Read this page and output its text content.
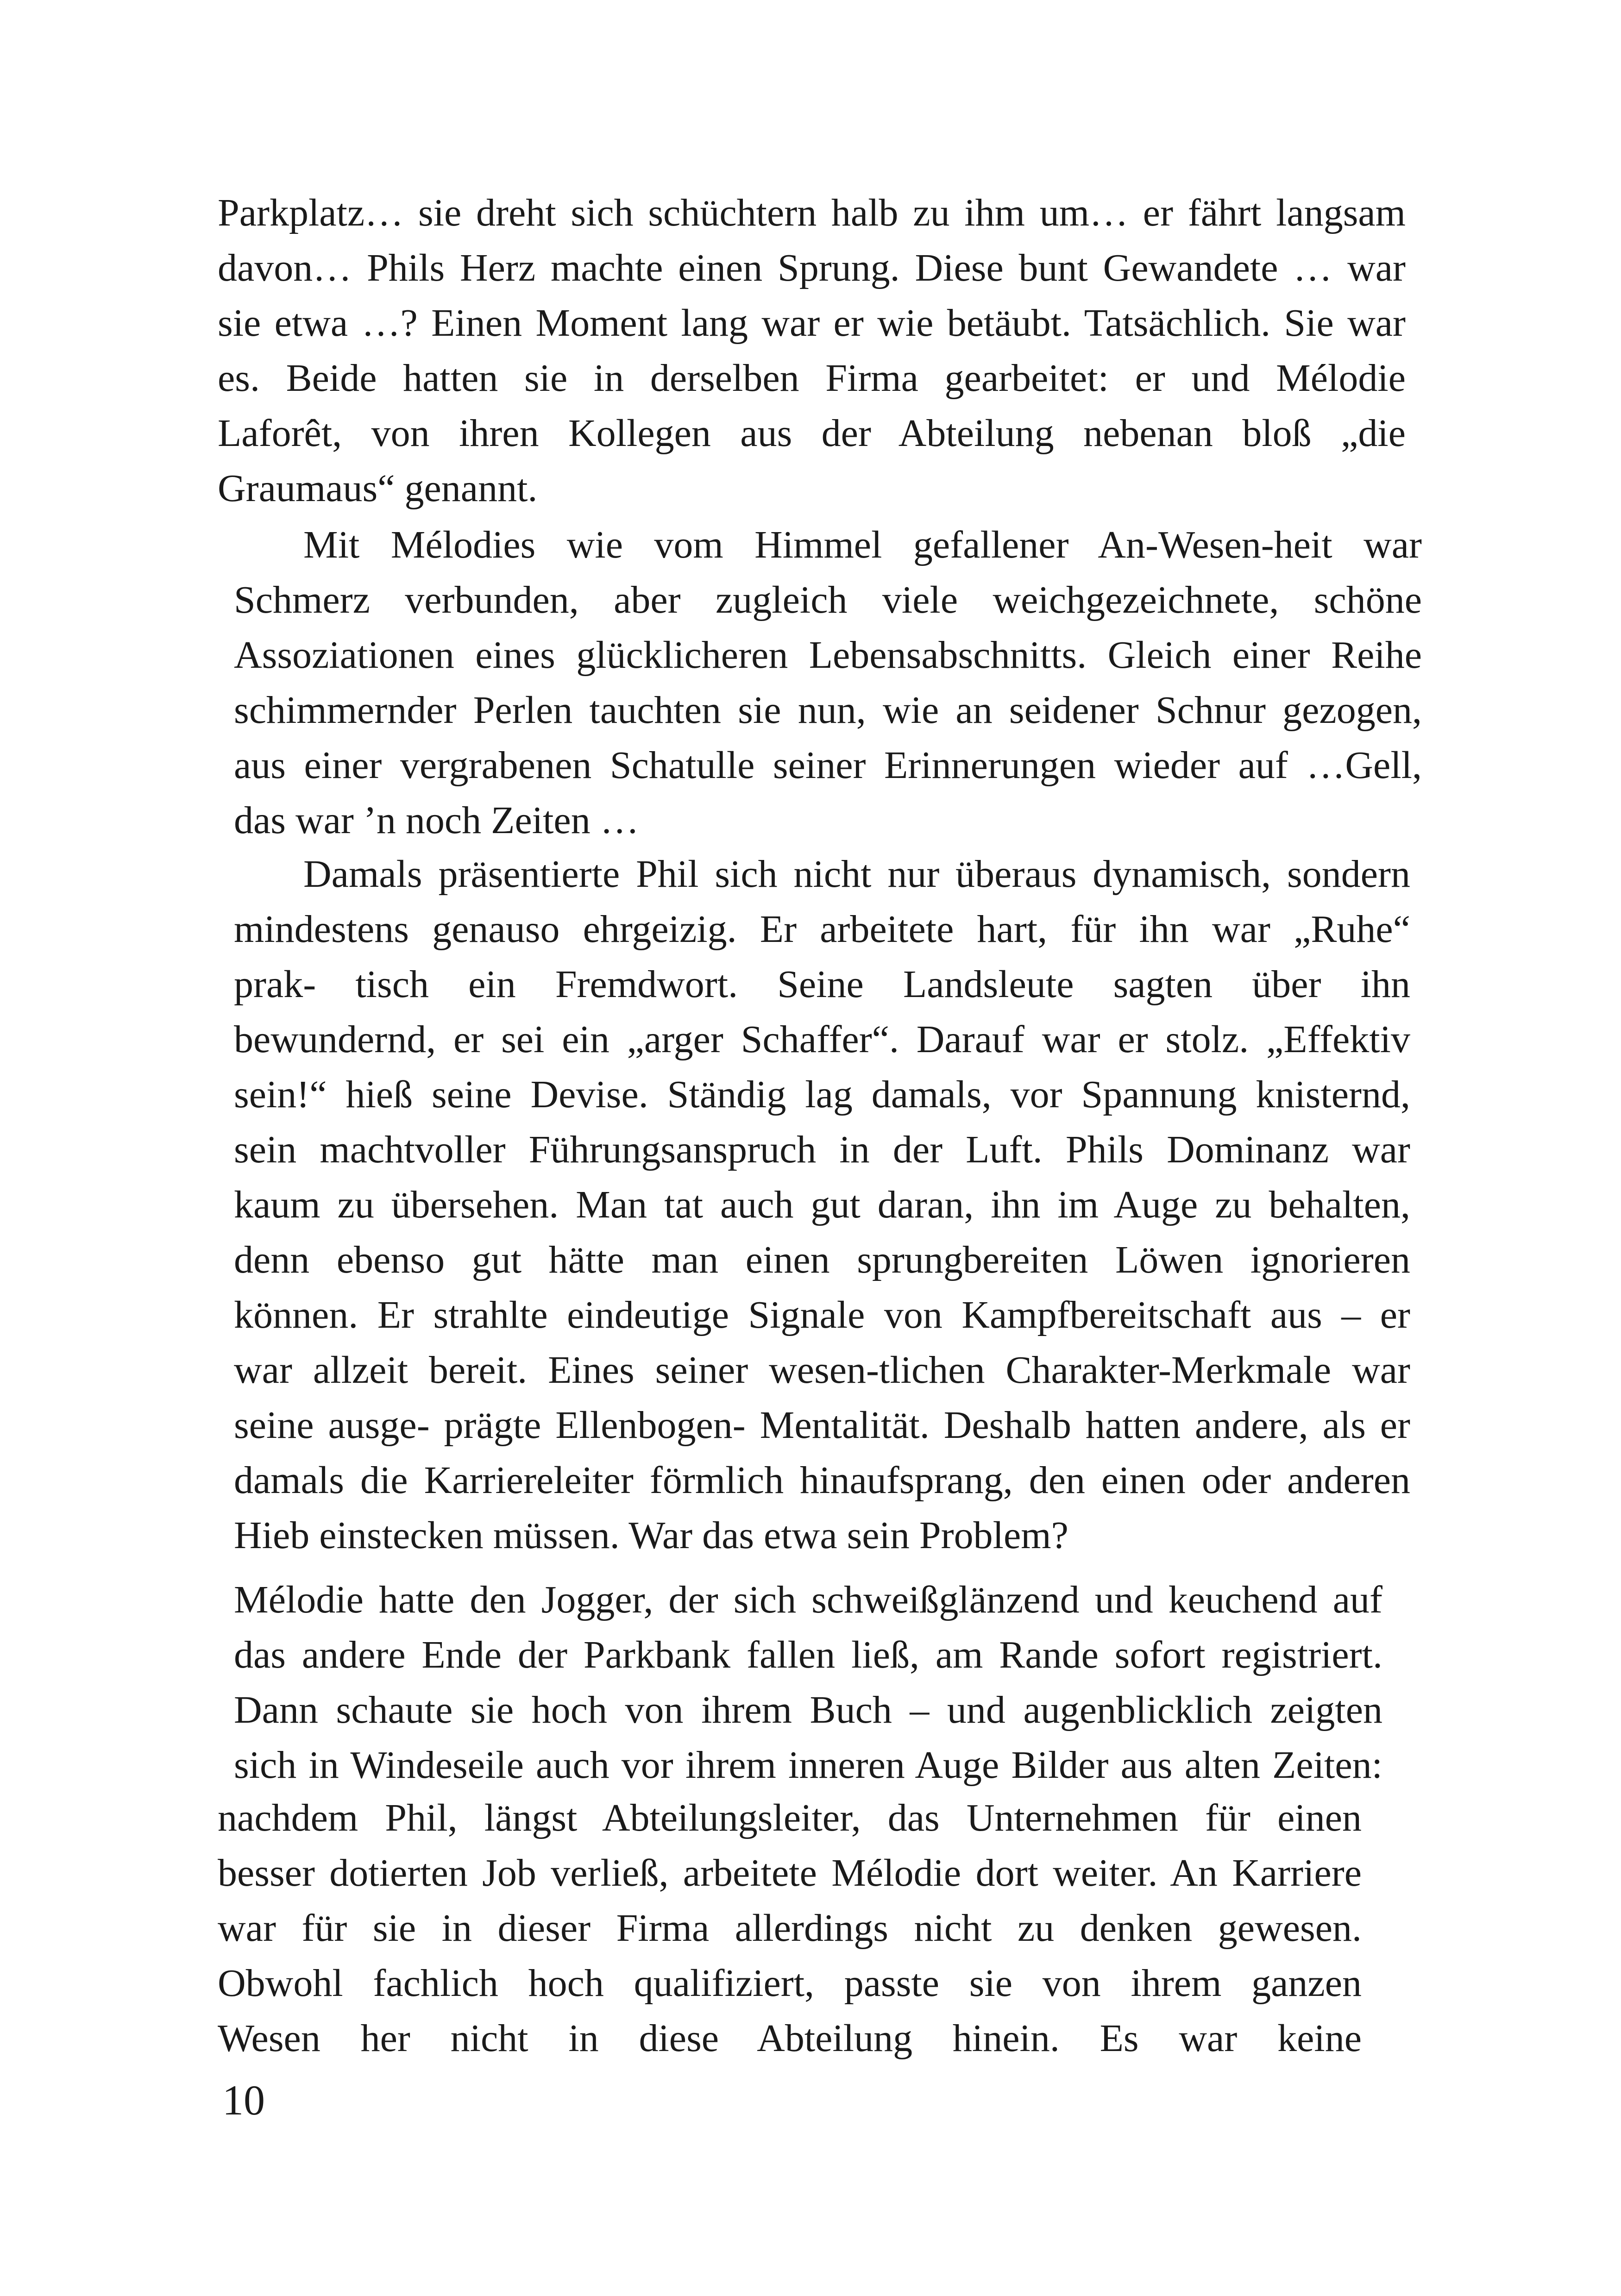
Parkplatz… sie dreht sich schüchtern halb zu ihm um… er fährt langsam
davon… Phils Herz machte einen Sprung. Diese bunt Gewandete … war
sie etwa …? Einen Moment lang war er wie betäubt. Tatsächlich. Sie war
es. Beide hatten sie in derselben Firma gearbeitet: er und Mélodie
Laforêt, von ihren Kollegen aus der Abteilung nebenan bloß „die
Graumaus“ genannt.
Mit Mélodies wie vom Himmel gefallener An-Wesen-heit war
Schmerz verbunden, aber zugleich viele weichgezeichnete, schöne
Assoziationen eines glücklicheren Lebensabschnitts. Gleich einer Reihe
schimmernder Perlen tauchten sie nun, wie an seidener Schnur gezogen,
aus einer vergrabenen Schatulle seiner Erinnerungen wieder auf …Gell,
das war ’n noch Zeiten …
Damals präsentierte Phil sich nicht nur überaus dynamisch, sondern
mindestens genauso ehrgeizig. Er arbeitete hart, für ihn war „Ruhe“
prak- tisch ein Fremdwort. Seine Landsleute sagten über ihn
bewundernd, er sei ein „arger Schaffer“. Darauf war er stolz. „Effektiv
sein!“ hieß seine Devise. Ständig lag damals, vor Spannung knisternd,
sein machtvoller Führungsanspruch in der Luft. Phils Dominanz war
kaum zu übersehen. Man tat auch gut daran, ihn im Auge zu behalten,
denn ebenso gut hätte man einen sprungbereiten Löwen ignorieren
können. Er strahlte eindeutige Signale von Kampfbereitschaft aus – er
war allzeit bereit. Eines seiner wesen-tlichen Charakter-Merkmale war
seine ausge- prägte Ellenbogen- Mentalität. Deshalb hatten andere, als er
damals die Karriereleiter förmlich hinaufsprang, den einen oder anderen
Hieb einstecken müssen. War das etwa sein Problem?
Mélodie hatte den Jogger, der sich schweißglänzend und keuchend auf
das andere Ende der Parkbank fallen ließ, am Rande sofort registriert.
Dann schaute sie hoch von ihrem Buch – und augenblicklich zeigten
sich in Windeseile auch vor ihrem inneren Auge Bilder aus alten Zeiten:
nachdem Phil, längst Abteilungsleiter, das Unternehmen für einen
besser dotierten Job verließ, arbeitete Mélodie dort weiter. An Karriere
war für sie in dieser Firma allerdings nicht zu denken gewesen.
Obwohl fachlich hoch qualifiziert, passte sie von ihrem ganzen
Wesen her nicht in diese Abteilung hinein. Es war keine
10
